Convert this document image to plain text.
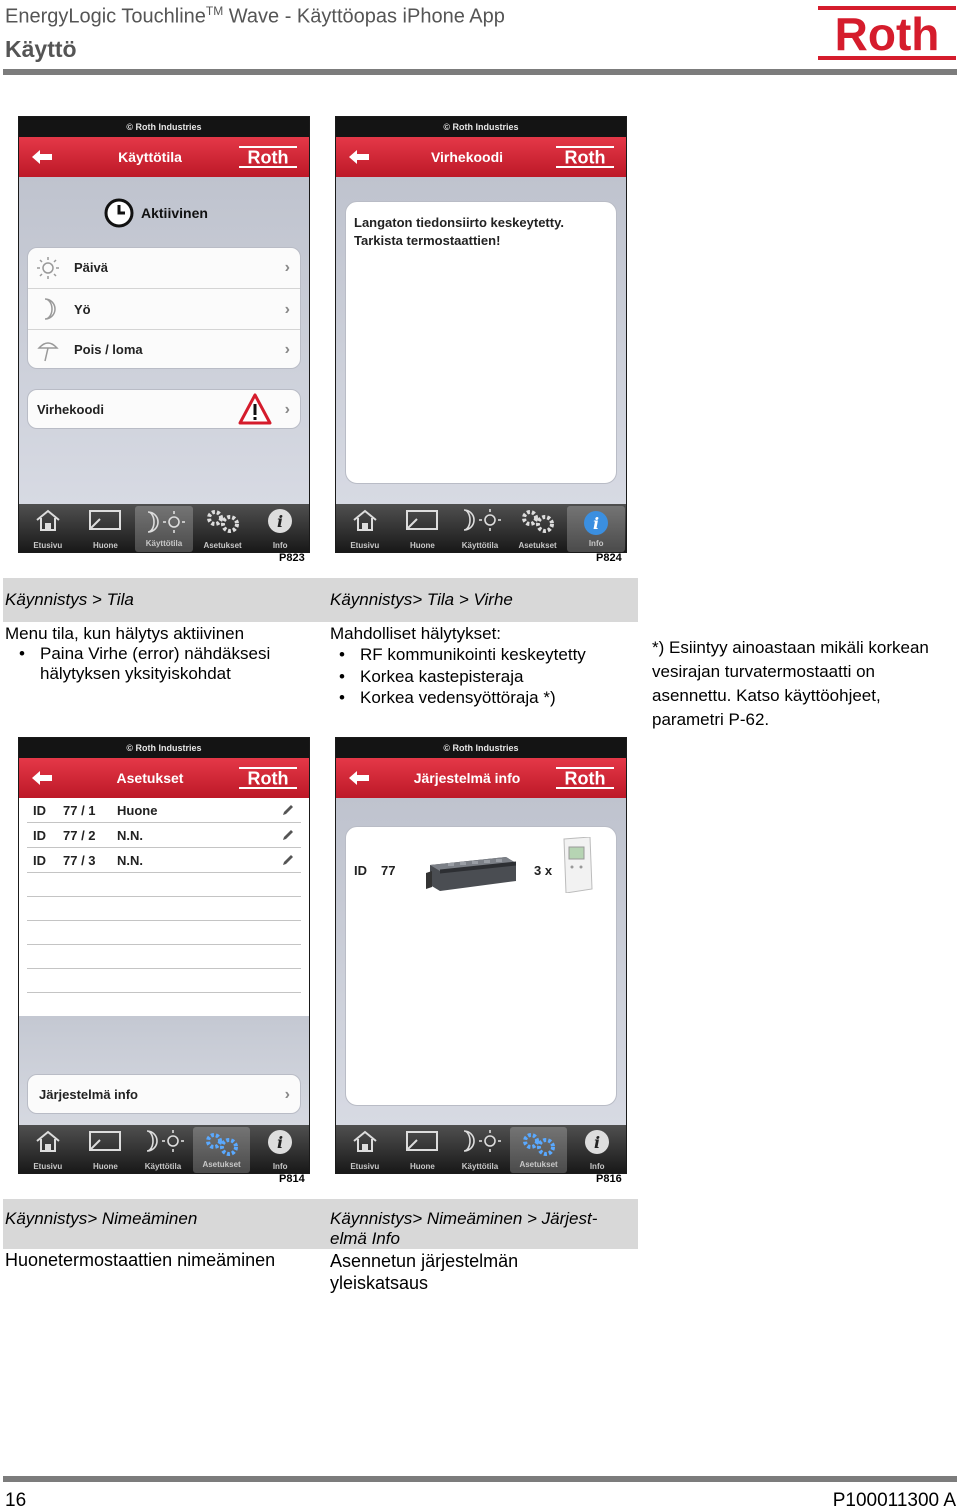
EnergyLogic Touchline™ Wave - Käyttöopas iPhone App
Käyttö	Roth
© Roth Industries
Käyttötila	Roth
Aktiivinen
Päivä	›
Yö	›
Pois / loma	›
Virhekoodi	›
Etusivu	Huone	Käyttötila	Asetukset
i
Info
P823
© Roth Industries
Virhekoodi	Roth
Langaton tiedonsiirto keskeytetty.
Tarkista termostaattien!
Etusivu	Huone	Käyttötila	Asetukset
i
Info
P824
Käynnistys > Tila	Käynnistys> Tila > Virhe
Menu tila, kun hälytys aktiivinen
• Paina Virhe (error) nähdäksesi hälytyksen yksityiskohdat
Mahdolliset hälytykset:
• RF kommunikointi keskeytetty
• Korkea kastepisteraja
• Korkea vedensyöttöraja *)
*) Esiintyy ainoastaan mikäli korkean vesirajan turvatermostaatti on asennettu. Katso käyttöohjeet, parametri P-62.
© Roth Industries
Asetukset	Roth
ID 77 / 1 Huone
ID 77 / 2 N.N.
ID 77 / 3 N.N.
Järjestelmä info	›
Etusivu	Huone	Käyttötila	Asetukset
i
Info
P814
© Roth Industries
Järjestelmä info	Roth
ID 77	3 x
Etusivu	Huone	Käyttötila	Asetukset
i
Info
P816
Käynnistys> Nimeäminen	Käynnistys> Nimeäminen > Järjest-
elmä Info
Huonetermostaattien nimeäminen	Asennetun järjestelmän
yleiskatsaus
16	P100011300 A
